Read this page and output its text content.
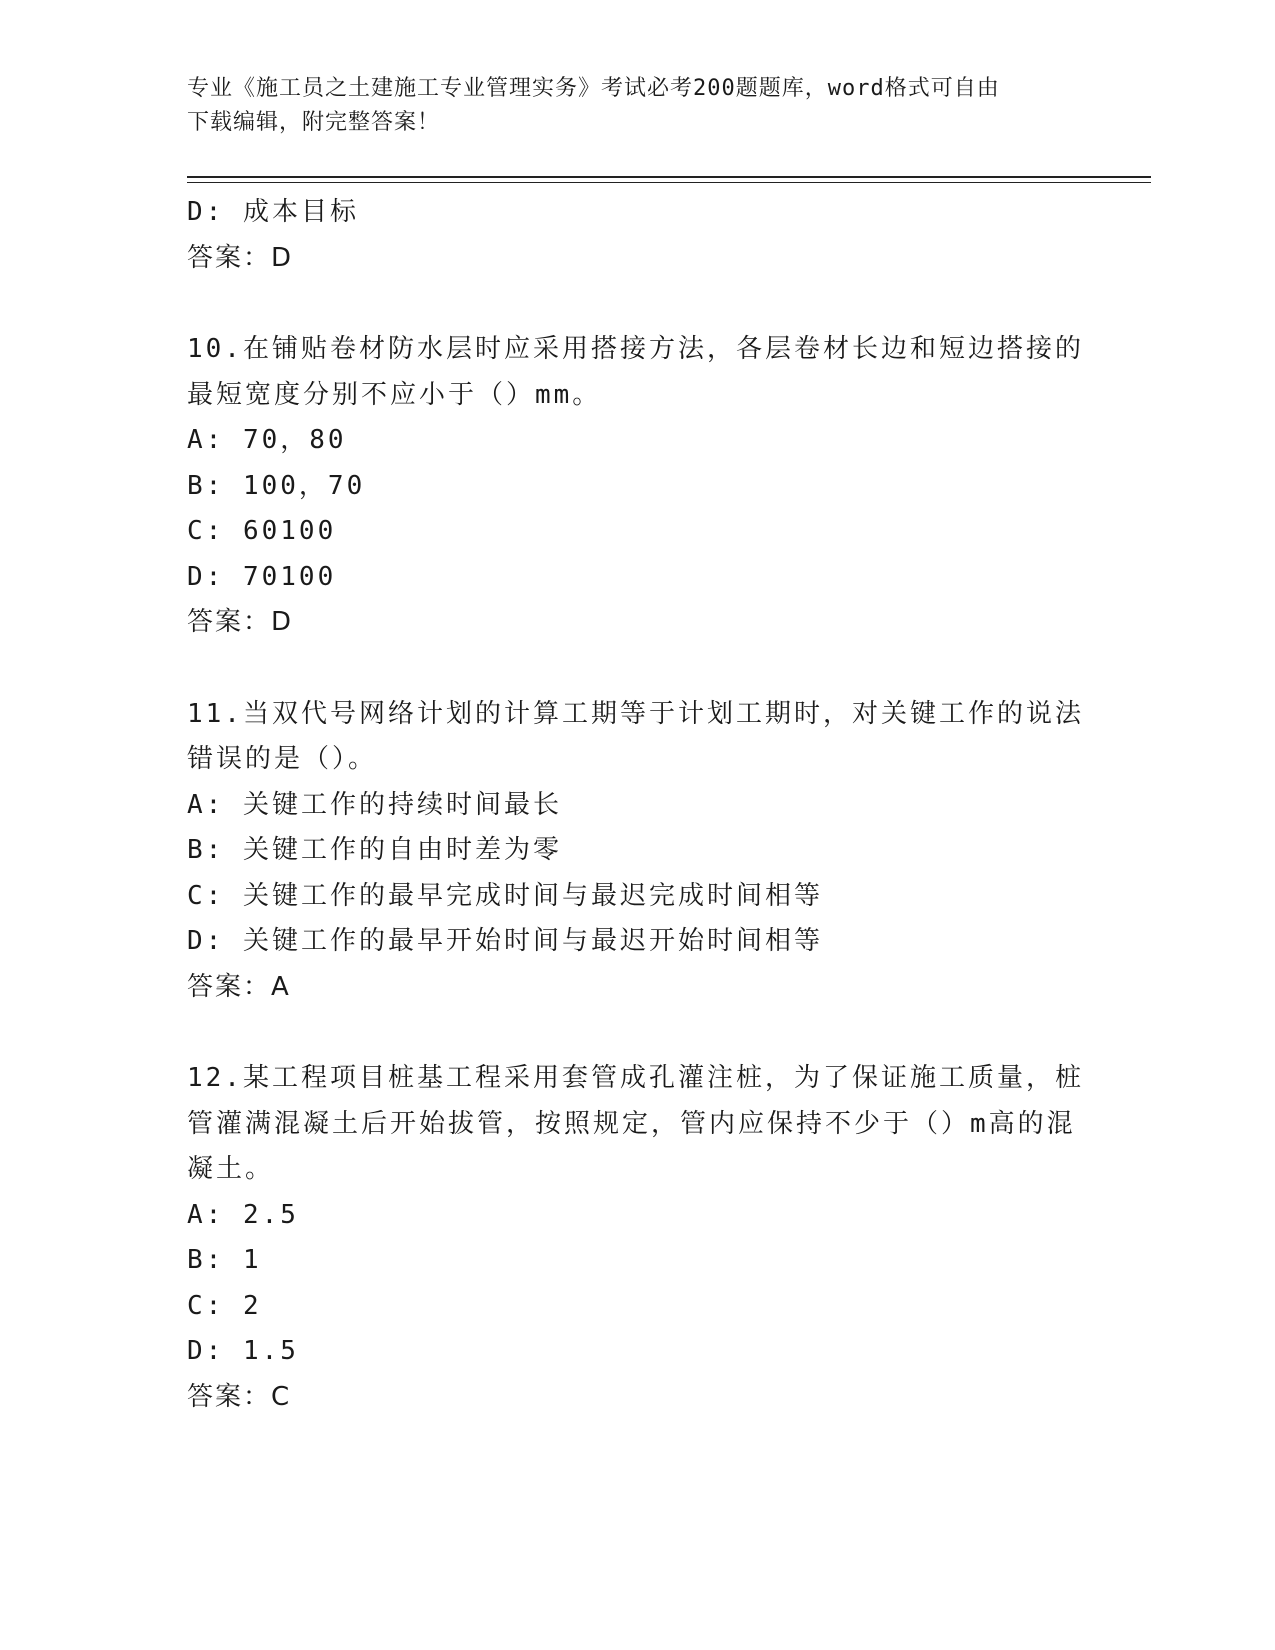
专业《施工员之土建施工专业管理实务》考试必考200题题库，word格式可自由
下载编辑，附完整答案！
D: 成本目标
答案：D
10.在铺贴卷材防水层时应采用搭接方法，各层卷材长边和短边搭接的
最短宽度分别不应小于（）mm。
A: 70，80
B: 100，70
C: 60100
D: 70100
答案：D
11.当双代号网络计划的计算工期等于计划工期时，对关键工作的说法
错误的是（）。
A: 关键工作的持续时间最长
B: 关键工作的自由时差为零
C: 关键工作的最早完成时间与最迟完成时间相等
D: 关键工作的最早开始时间与最迟开始时间相等
答案：A
12.某工程项目桩基工程采用套管成孔灌注桩，为了保证施工质量，桩
管灌满混凝土后开始拔管，按照规定，管内应保持不少于（）m高的混
凝土。
A: 2.5
B: 1
C: 2
D: 1.5
答案：C
